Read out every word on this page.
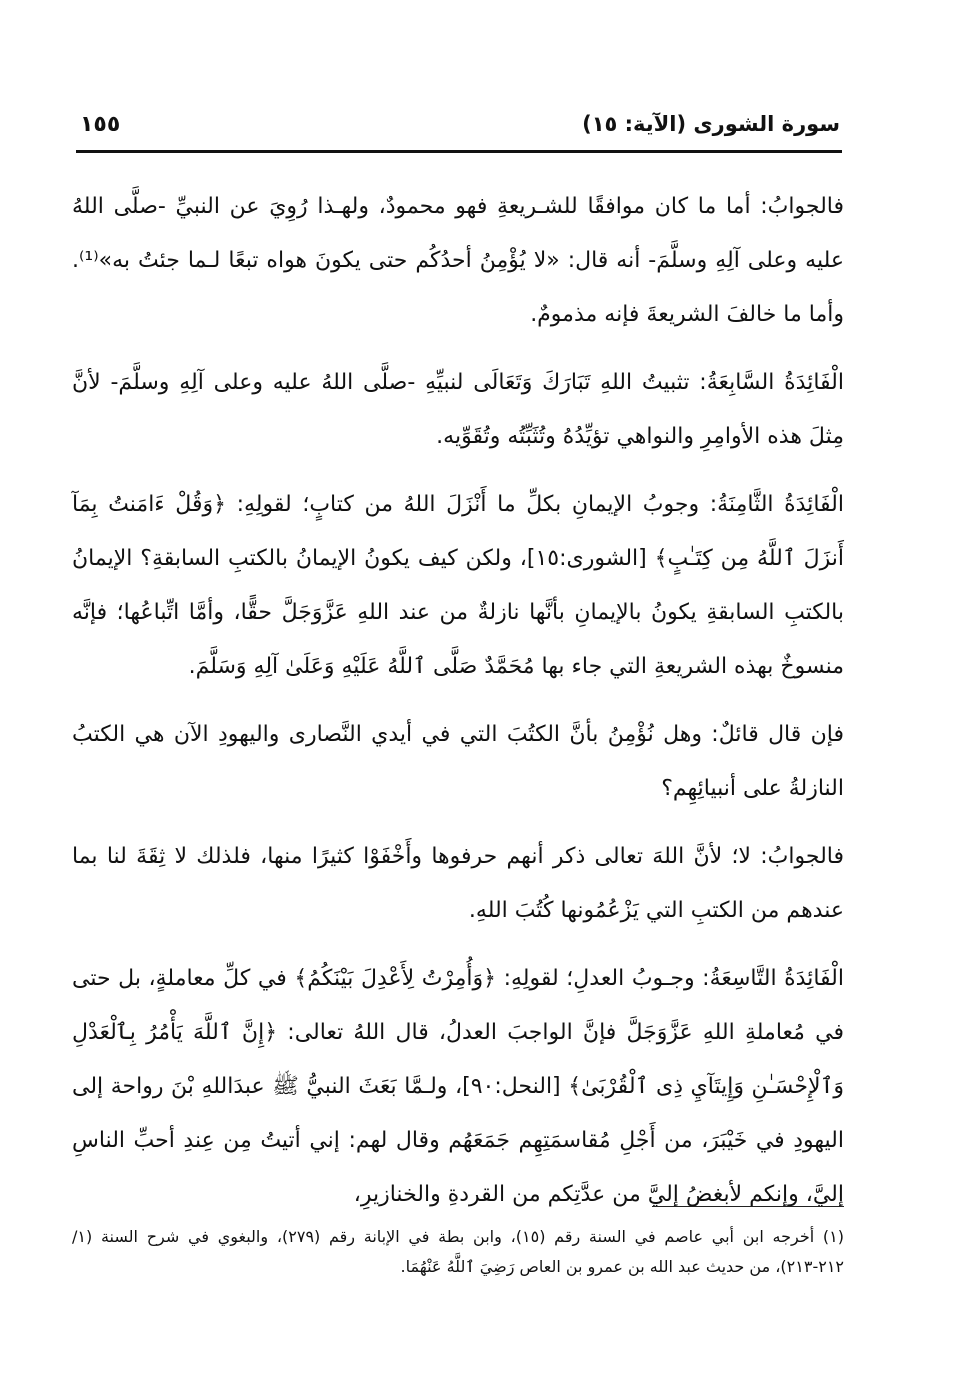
سورة الشورى (الآية: ١٥)
١٥٥

فالجوابُ: أما ما كان موافقًا للشـريعةِ فهو محمودٌ، ولهـذا رُوِيَ عن النبيِّ -صلَّى اللهُ عليه وعلى آلِهِ وسلَّمَ- أنه قال: «لا يُؤْمِنُ أحدُكُم حتى يكونَ هواه تبعًا لـما جئتُ به»⁽¹⁾. وأما ما خالفَ الشريعةَ فإنه مذمومٌ.

الْفَائِدَةُ السَّابِعَةُ: تثبيتُ اللهِ تَبَارَكَ وَتَعَالَى لنبيِّهِ -صلَّى اللهُ عليه وعلى آلِهِ وسلَّمَ- لأنَّ مِثلَ هذه الأوامِرِ والنواهي تؤيِّدُهُ وتُثَبِّتُه وتُقَوِّيه.

الْفَائِدَةُ الثَّامِنَةُ: وجوبُ الإيمانِ بكلِّ ما أَنْزَلَ اللهُ من كتابٍ؛ لقولِهِ: ﴿وَقُلْ ءَامَنتُ بِمَآ أَنزَلَ ٱللَّهُ مِن كِتَـٰبٍ﴾ [الشورى:١٥]، ولكن كيف يكونُ الإيمانُ بالكتبِ السابقةِ؟ الإيمانُ بالكتبِ السابقةِ يكونُ بالإيمانِ بأنَّها نازلةٌ من عند اللهِ عَزَّوَجَلَّ حقًّا، وأمَّا اتِّباعُها؛ فإنَّه منسوخٌ بهذه الشريعةِ التي جاء بها مُحَمَّدٌ صَلَّى ٱللَّهُ عَلَيْهِ وَعَلَىٰ آلِهِ وَسَلَّمَ.

فإن قال قائلٌ: وهل نُؤْمِنُ بأنَّ الكتُبَ التي في أيدي النَّصارى واليهودِ الآن هي الكتبُ النازلةُ على أنبيائِهِم؟

فالجوابُ: لا؛ لأنَّ اللهَ تعالى ذكر أنهم حرفوها وأَخْفَوْا كثيرًا منها، فلذلك لا ثِقَةَ لنا بما عندهم من الكتبِ التي يَزْعُمُونها كُتُبَ اللهِ.

الْفَائِدَةُ التَّاسِعَةُ: وجـوبُ العدلِ؛ لقولِهِ: ﴿وَأُمِرْتُ لِأَعْدِلَ بَيْنَكُمُ﴾ في كلِّ معاملةٍ، بل حتى في مُعاملةِ اللهِ عَزَّوَجَلَّ فإنَّ الواجبَ العدلُ، قال اللهُ تعالى: ﴿إِنَّ ٱللَّهَ يَأْمُرُ بِٱلْعَدْلِ وَٱلْإِحْسَـٰنِ وَإِيتَآيِ ذِى ٱلْقُرْبَىٰ﴾ [النحل:٩٠]، ولـمَّا بَعَثَ النبيُّ ﷺ عبدَاللهِ بْنَ رواحة إلى اليهودِ في خَيْبَرَ، من أَجْلِ مُقاسمَتِهِم جَمَعَهُم وقال لهم: إني أتيتُ مِن عِندِ أحبِّ الناسِ إليَّ، وإنكم لأبغضُ إليَّ من عدَّتِكم من القردةِ والخنازيرِ،

(١) أخرجه ابن أبي عاصم في السنة رقم (١٥)، وابن بطة في الإبانة رقم (٢٧٩)، والبغوي في شرح السنة (١/ ٢١٢-٢١٣)، من حديث عبد الله بن عمرو بن العاص رَضِيَ ٱللَّهُ عَنْهُمَا.
